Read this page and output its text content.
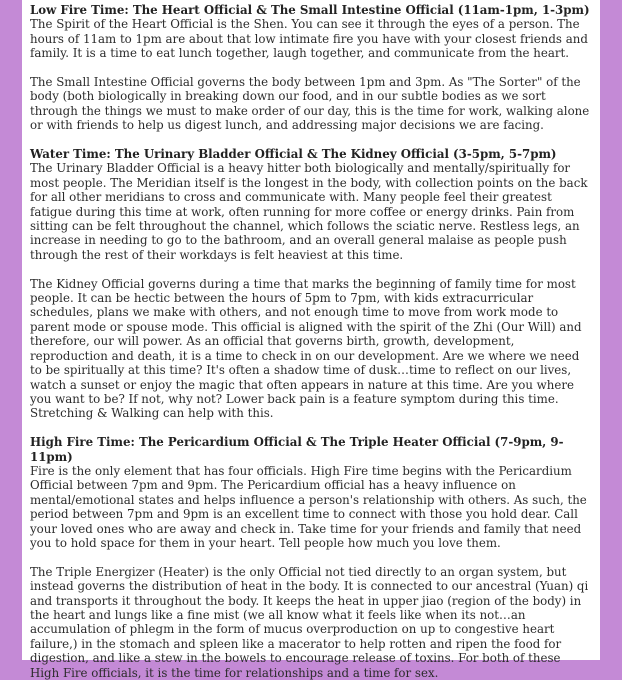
Low Fire Time: The Heart Official & The Small Intestine Official (11am-1pm, 1-3pm)

The Spirit of the Heart Official is the Shen. You can see it through the eyes of a person. The hours of 11am to 1pm are about that low intimate fire you have with your closest friends and family. It is a time to eat lunch together, laugh together, and communicate from the heart.

The Small Intestine Official governs the body between 1pm and 3pm. As "The Sorter" of the body (both biologically in breaking down our food, and in our subtle bodies as we sort through the things we must to make order of our day, this is the time for work, walking alone or with friends to help us digest lunch, and addressing major decisions we are facing.

Water Time: The Urinary Bladder Official & The Kidney Official (3-5pm, 5-7pm)

The Urinary Bladder Official is a heavy hitter both biologically and mentally/spiritually for most people. The Meridian itself is the longest in the body, with collection points on the back for all other meridians to cross and communicate with. Many people feel their greatest fatigue during this time at work, often running for more coffee or energy drinks. Pain from sitting can be felt throughout the channel, which follows the sciatic nerve. Restless legs, an increase in needing to go to the bathroom, and an overall general malaise as people push through the rest of their workdays is felt heaviest at this time.

The Kidney Official governs during a time that marks the beginning of family time for most people. It can be hectic between the hours of 5pm to 7pm, with kids extracurricular schedules, plans we make with others, and not enough time to move from work mode to parent mode or spouse mode. This official is aligned with the spirit of the Zhi (Our Will) and therefore, our will power. As an official that governs birth, growth, development, reproduction and death, it is a time to check in on our development. Are we where we need to be spiritually at this time? It's often a shadow time of dusk…time to reflect on our lives, watch a sunset or enjoy the magic that often appears in nature at this time. Are you where you want to be? If not, why not? Lower back pain is a feature symptom during this time. Stretching & Walking can help with this.

High Fire Time: The Pericardium Official & The Triple Heater Official (7-9pm, 9-11pm)

Fire is the only element that has four officials. High Fire time begins with the Pericardium Official between 7pm and 9pm. The Pericardium official has a heavy influence on mental/emotional states and helps influence a person's relationship with others. As such, the period between 7pm and 9pm is an excellent time to connect with those you hold dear. Call your loved ones who are away and check in. Take time for your friends and family that need you to hold space for them in your heart. Tell people how much you love them.

The Triple Energizer (Heater) is the only Official not tied directly to an organ system, but instead governs the distribution of heat in the body. It is connected to our ancestral (Yuan) qi and transports it throughout the body. It keeps the heat in upper jiao (region of the body) in the heart and lungs like a fine mist (we all know what it feels like when its not…an accumulation of phlegm in the form of mucus overproduction on up to congestive heart failure,) in the stomach and spleen like a macerator to help rotten and ripen the food for digestion, and like a stew in the bowels to encourage release of toxins. For both of these High Fire officials, it is the time for relationships and a time for sex.
